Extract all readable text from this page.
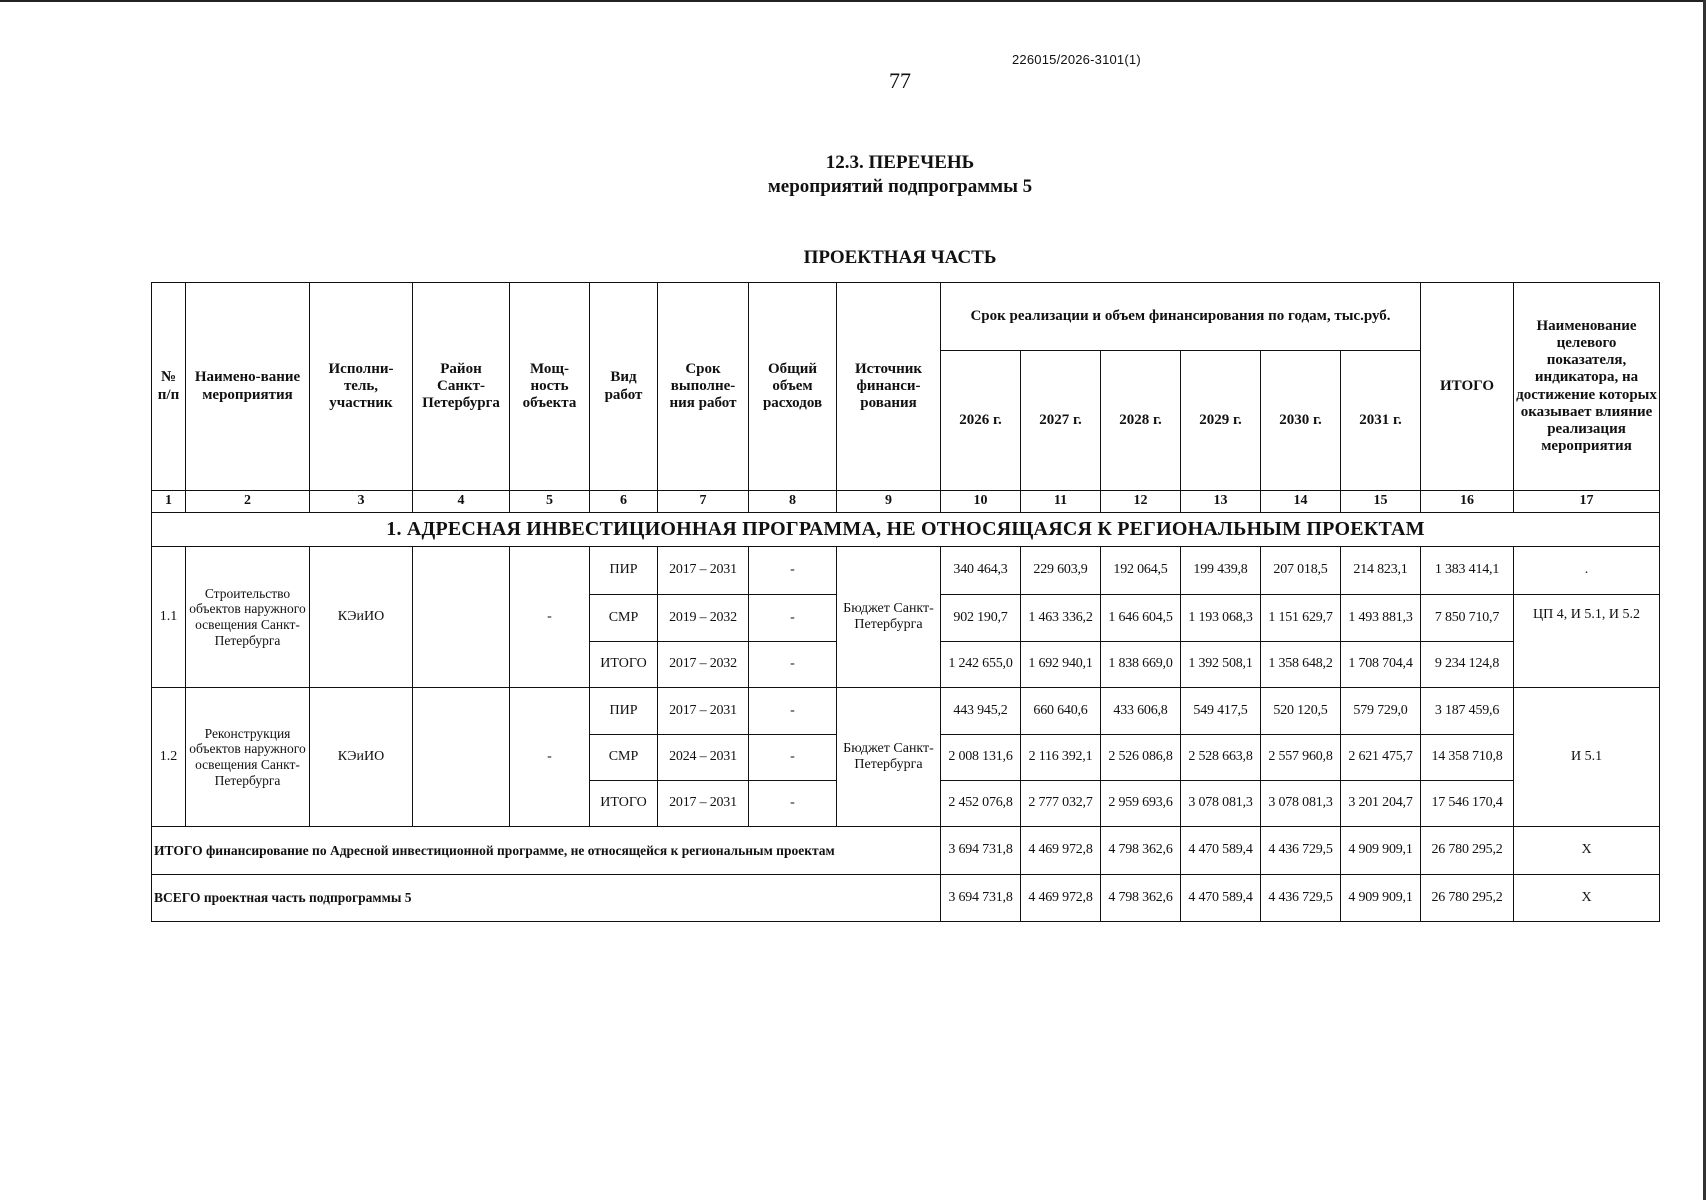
226015/2026-3101(1)
77
12.3. ПЕРЕЧЕНЬ
мероприятий подпрограммы 5
ПРОЕКТНАЯ ЧАСТЬ
№ п/п	Наимено-вание мероприятия	Исполни-тель, участник	Район Санкт-Петербурга	Мощ-ность объекта	Вид работ	Срок выполне-ния работ	Общий объем расходов	Источник финанси-рования	Срок реализации и объем финансирования по годам, тыс.руб.						ИТОГО	Наименование целевого показателя, индикатора, на достижение которых оказывает влияние реализация мероприятия
									2026 г.	2027 г.	2028 г.	2029 г.	2030 г.	2031 г.		
1	2	3	4	5	6	7	8	9	10	11	12	13	14	15	16	17
1. АДРЕСНАЯ ИНВЕСТИЦИОННАЯ ПРОГРАММА, НЕ ОТНОСЯЩАЯСЯ К РЕГИОНАЛЬНЫМ ПРОЕКТАМ																
1.1	Строительство объектов наружного освещения Санкт-Петербурга	КЭиИО		-	ПИР	2017 – 2031	-	Бюджет Санкт-Петербурга	340 464,3	229 603,9	192 064,5	199 439,8	207 018,5	214 823,1	1 383 414,1	.
					СМР	2019 – 2032	-		902 190,7	1 463 336,2	1 646 604,5	1 193 068,3	1 151 629,7	1 493 881,3	7 850 710,7	ЦП 4, И 5.1, И 5.2
					ИТОГО	2017 – 2032	-		1 242 655,0	1 692 940,1	1 838 669,0	1 392 508,1	1 358 648,2	1 708 704,4	9 234 124,8	
1.2	Реконструкция объектов наружного освещения Санкт-Петербурга	КЭиИО		-	ПИР	2017 – 2031	-	Бюджет Санкт-Петербурга	443 945,2	660 640,6	433 606,8	549 417,5	520 120,5	579 729,0	3 187 459,6	И 5.1
					СМР	2024 – 2031	-		2 008 131,6	2 116 392,1	2 526 086,8	2 528 663,8	2 557 960,8	2 621 475,7	14 358 710,8	
					ИТОГО	2017 – 2031	-		2 452 076,8	2 777 032,7	2 959 693,6	3 078 081,3	3 078 081,3	3 201 204,7	17 546 170,4	
ИТОГО финансирование по Адресной инвестиционной программе, не относящейся к региональным проектам									3 694 731,8	4 469 972,8	4 798 362,6	4 470 589,4	4 436 729,5	4 909 909,1	26 780 295,2	X
ВСЕГО проектная часть подпрограммы 5									3 694 731,8	4 469 972,8	4 798 362,6	4 470 589,4	4 436 729,5	4 909 909,1	26 780 295,2	X
